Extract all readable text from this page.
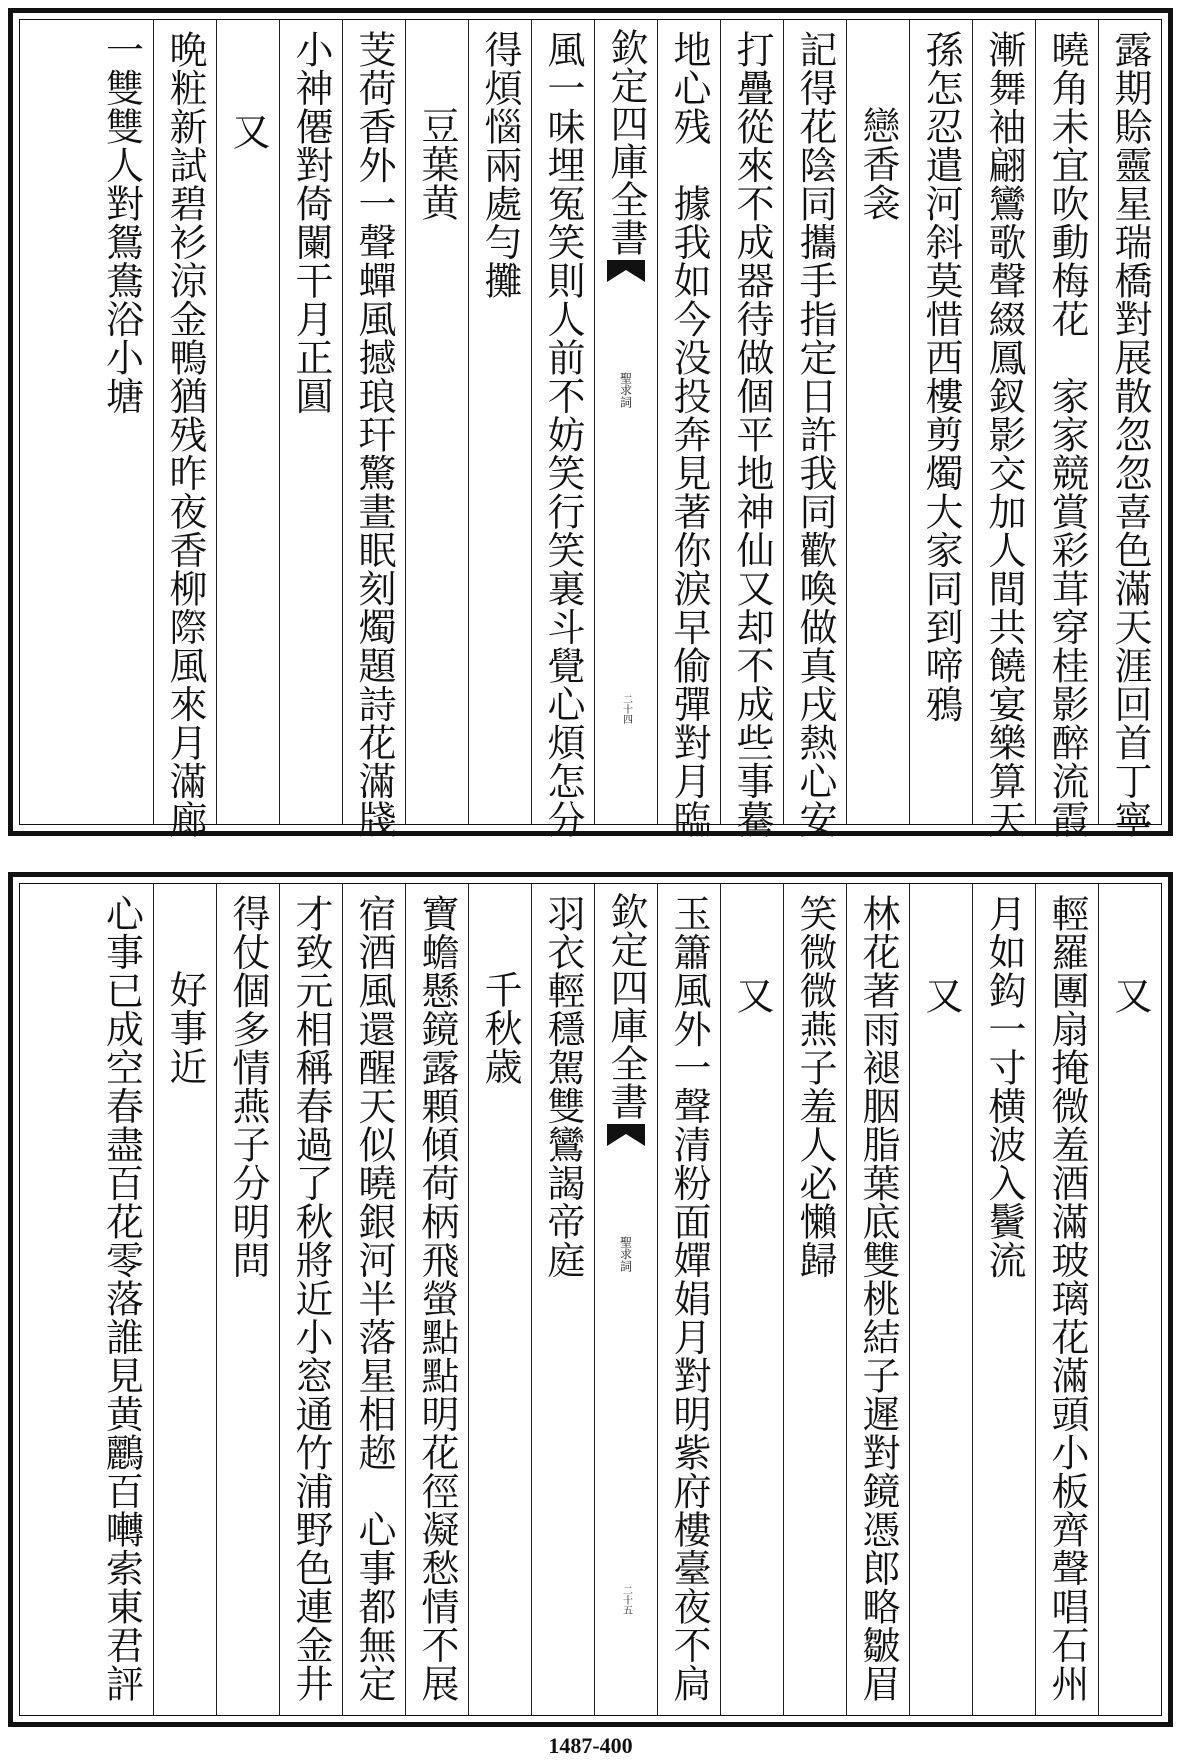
露期賒靈星瑞橋對展散忽忽喜色滿天涯回首丁寧
曉角未宜吹動梅花　家家競賞彩茸穿桂影醉流霞
漸舞袖翩鸞歌聲綴鳳釵影交加人間共饒宴樂算天
孫怎忍遣河斜莫惜西樓剪燭大家同到啼鴉
戀香衾
記得花陰同攜手指定日許我同歡喚做真戌熱心安
打疊從來不成器待做個平地神仙又却不成些事驀
地心残　據我如今没投奔見著你淚早偷彈對月臨
欽定四庫全書
聖求詞
二十四
風一味埋冤笑則人前不妨笑行笑裏斗覺心煩怎分
得煩惱兩處勻攤
豆葉黄
芰荷香外一聲蟬風撼琅玕驚晝眠刻燭題詩花滿牋
小神僊對倚闌干月正圓
又
晩粧新試碧衫涼金鴨猶残昨夜香柳際風來月滿廊
一雙雙人對鴛鴦浴小塘
又
輕羅團扇掩微羞酒滿玻璃花滿頭小板齊聲唱石州
月如鈎一寸横波入鬢流
又
林花著雨褪胭脂葉底雙桃結子遲對鏡憑郎略皺眉
笑微微燕子羞人必懶歸
又
玉簫風外一聲清粉面嬋娟月對明紫府樓臺夜不扃
欽定四庫全書
聖求詞
二十五
羽衣輕穩駕雙鸞謁帝庭
千秋歳
寶蟾懸鏡露顆傾荷柄飛螢點點明花徑凝愁情不展
宿酒風還醒天似曉銀河半落星相趂　心事都無定
才致元相稱春過了秋將近小窓通竹浦野色連金井
得仗個多情燕子分明問
好事近
心事已成空春盡百花零落誰見黄鸝百囀索東君評
1487-400
